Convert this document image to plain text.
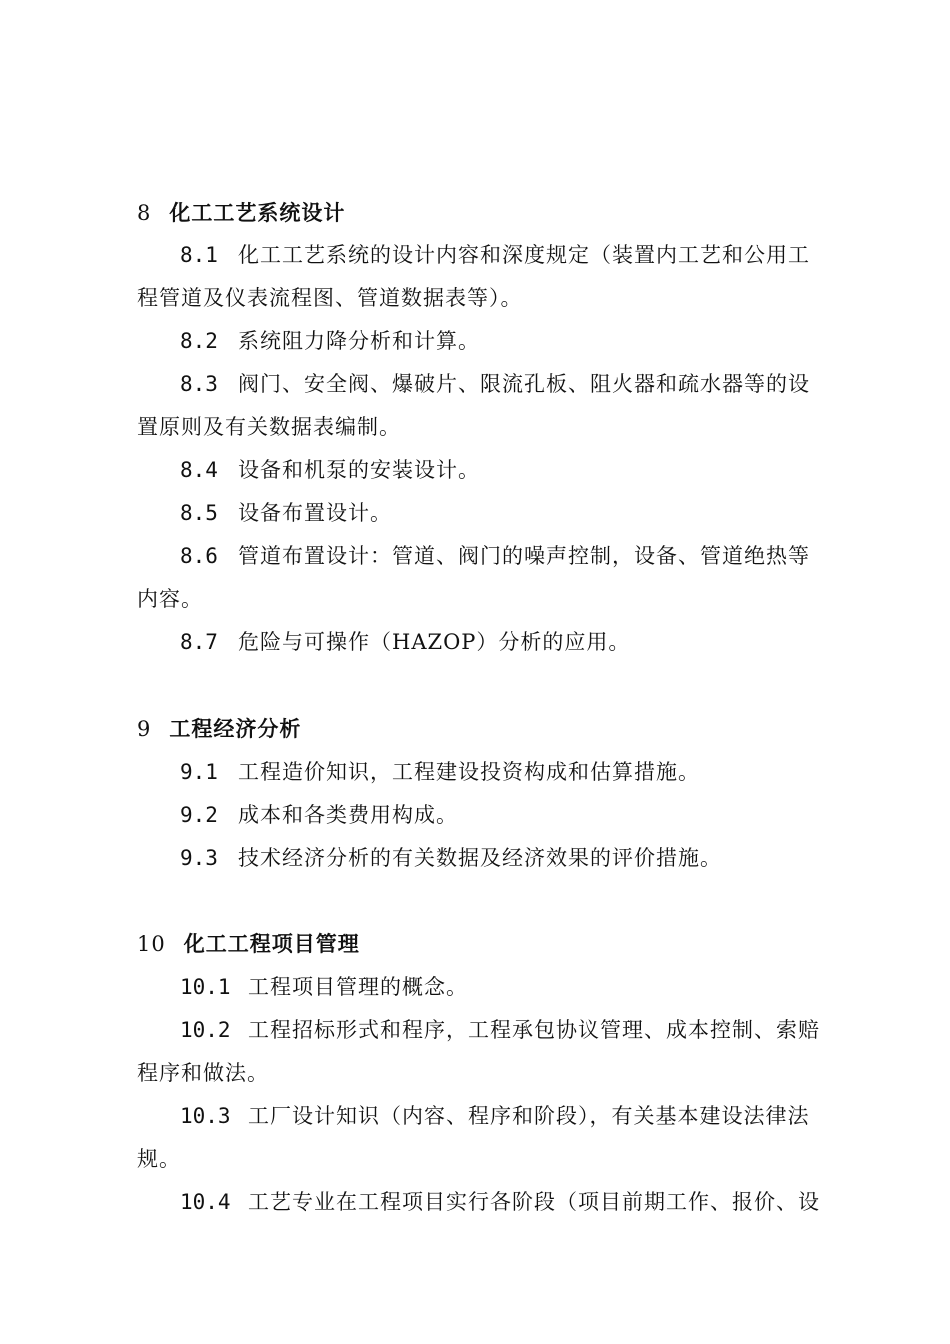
8 化工工艺系统设计
8.1 化工工艺系统的设计内容和深度规定（装置内工艺和公用工
程管道及仪表流程图、管道数据表等）。
8.2 系统阻力降分析和计算。
8.3 阀门、安全阀、爆破片、限流孔板、阻火器和疏水器等的设
置原则及有关数据表编制。
8.4 设备和机泵的安装设计。
8.5 设备布置设计。
8.6 管道布置设计：管道、阀门的噪声控制，设备、管道绝热等
内容。
8.7 危险与可操作（HAZOP）分析的应用。
9 工程经济分析
9.1 工程造价知识，工程建设投资构成和估算措施。
9.2 成本和各类费用构成。
9.3 技术经济分析的有关数据及经济效果的评价措施。
10 化工工程项目管理
10.1 工程项目管理的概念。
10.2 工程招标形式和程序，工程承包协议管理、成本控制、索赔
程序和做法。
10.3 工厂设计知识（内容、程序和阶段），有关基本建设法律法
规。
10.4 工艺专业在工程项目实行各阶段（项目前期工作、报价、设
